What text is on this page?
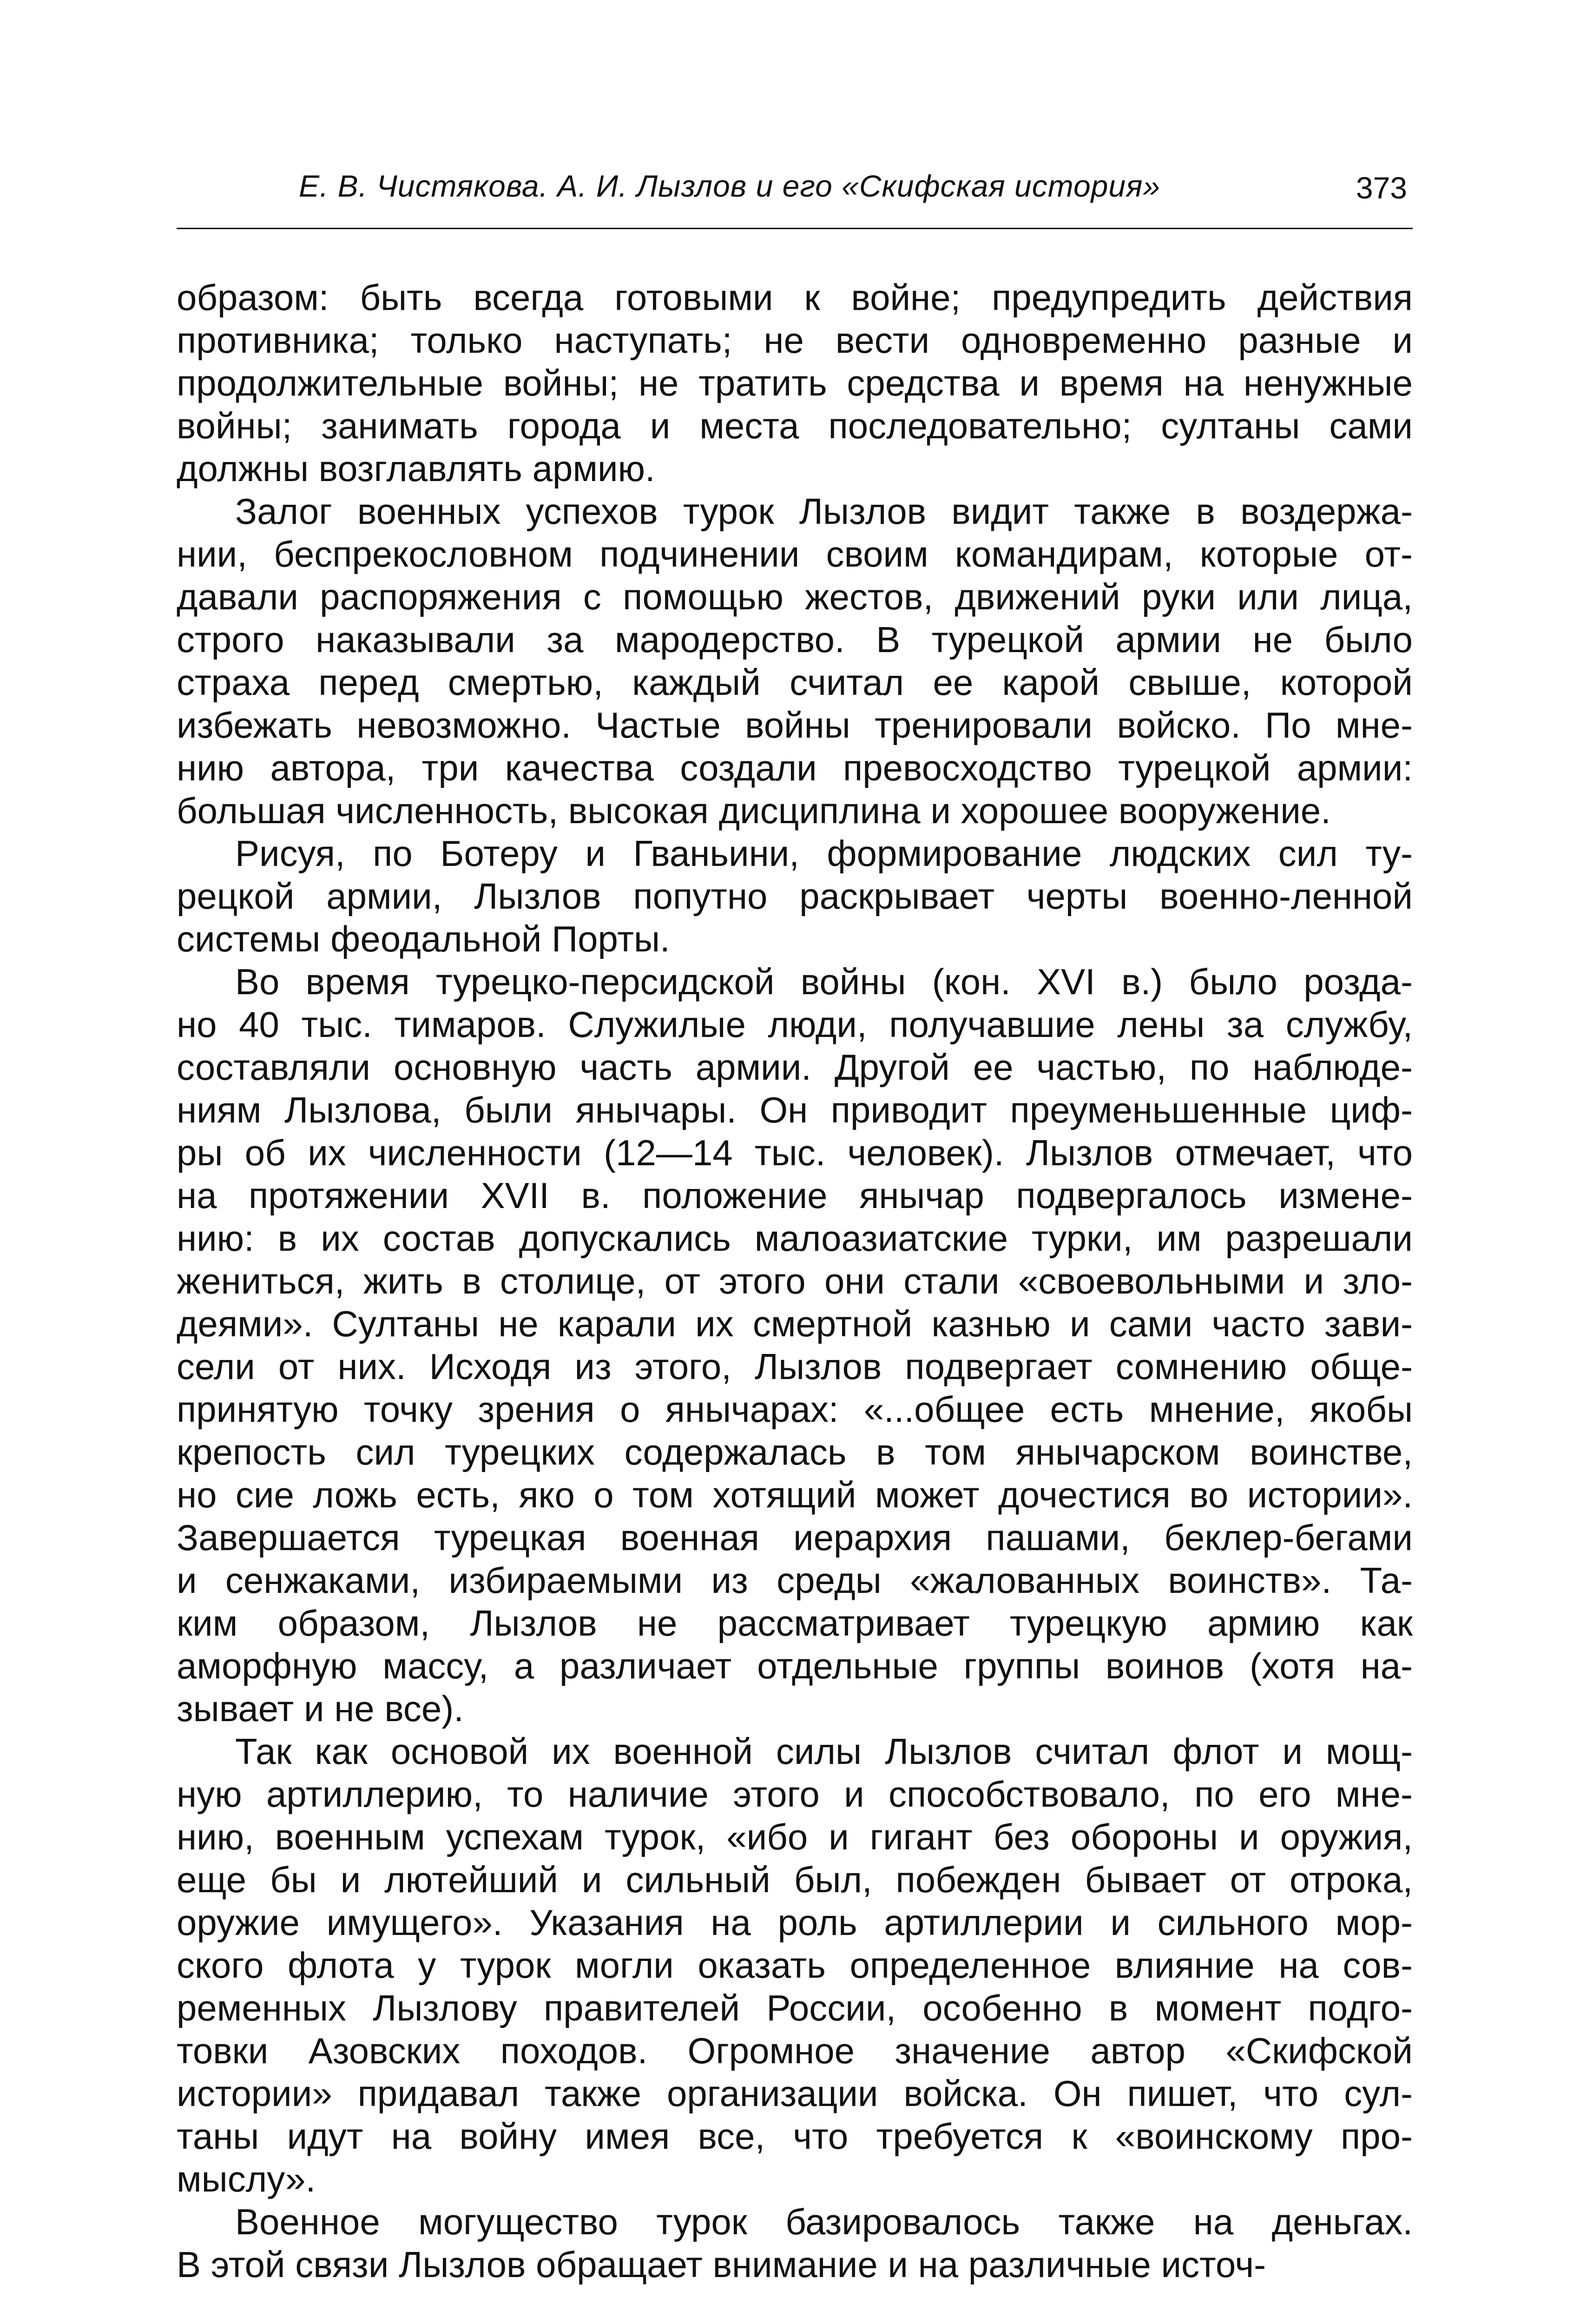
Е. В. Чистякова. А. И. Лызлов и его «Скифская история»	373
образом: быть всегда готовыми к войне; предупредить действия
противника; только наступать; не вести одновременно разные и
продолжительные войны; не тратить средства и время на ненужные
войны; занимать города и места последовательно; султаны сами
должны возглавлять армию.
Залог военных успехов турок Лызлов видит также в воздержа-
нии, беспрекословном подчинении своим командирам, которые от-
давали распоряжения с помощью жестов, движений руки или лица,
строго наказывали за мародерство. В турецкой армии не было
страха перед смертью, каждый считал ее карой свыше, которой
избежать невозможно. Частые войны тренировали войско. По мне-
нию автора, три качества создали превосходство турецкой армии:
большая численность, высокая дисциплина и хорошее вооружение.
Рисуя, по Ботеру и Гваньини, формирование людских сил ту-
рецкой армии, Лызлов попутно раскрывает черты военно-ленной
системы феодальной Порты.
Во время турецко-персидской войны (кон. XVI в.) было розда-
но 40 тыс. тимаров. Служилые люди, получавшие лены за службу,
составляли основную часть армии. Другой ее частью, по наблюде-
ниям Лызлова, были янычары. Он приводит преуменьшенные циф-
ры об их численности (12—14 тыс. человек). Лызлов отмечает, что
на протяжении XVII в. положение янычар подвергалось измене-
нию: в их состав допускались малоазиатские турки, им разрешали
жениться, жить в столице, от этого они стали «своевольными и зло-
деями». Султаны не карали их смертной казнью и сами часто зави-
сели от них. Исходя из этого, Лызлов подвергает сомнению обще-
принятую точку зрения о янычарах: «...общее есть мнение, якобы
крепость сил турецких содержалась в том янычарском воинстве,
но сие ложь есть, яко о том хотящий может дочестися во истории».
Завершается турецкая военная иерархия пашами, беклер-бегами
и сенжаками, избираемыми из среды «жалованных воинств». Та-
ким образом, Лызлов не рассматривает турецкую армию как
аморфную массу, а различает отдельные группы воинов (хотя на-
зывает и не все).
Так как основой их военной силы Лызлов считал флот и мощ-
ную артиллерию, то наличие этого и способствовало, по его мне-
нию, военным успехам турок, «ибо и гигант без обороны и оружия,
еще бы и лютейший и сильный был, побежден бывает от отрока,
оружие имущего». Указания на роль артиллерии и сильного мор-
ского флота у турок могли оказать определенное влияние на сов-
ременных Лызлову правителей России, особенно в момент подго-
товки Азовских походов. Огромное значение автор «Скифской
истории» придавал также организации войска. Он пишет, что сул-
таны идут на войну имея все, что требуется к «воинскому про-
мыслу».
Военное могущество турок базировалось также на деньгах.
В этой связи Лызлов обращает внимание и на различные источ-
